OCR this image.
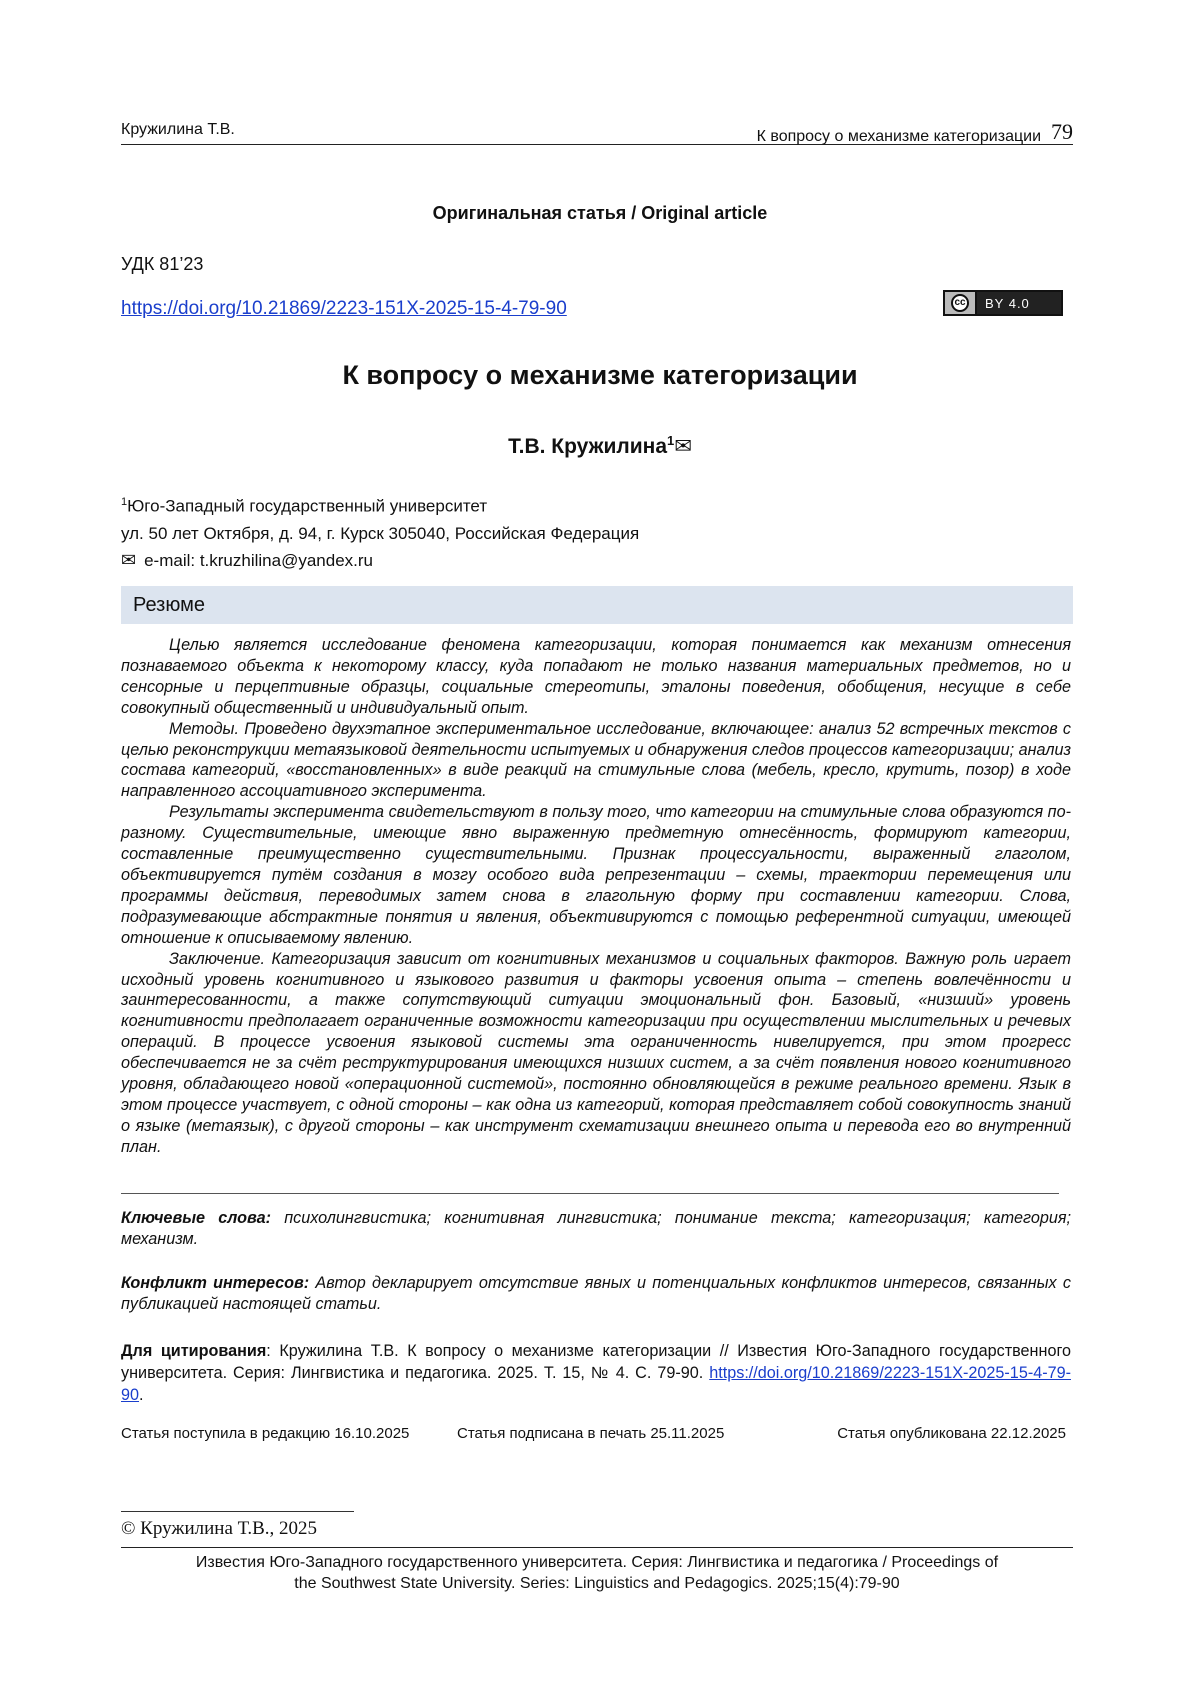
Кружилина Т.В.	К вопросу о механизме категоризации 79
Оригинальная статья / Original article
УДК 81’23
https://doi.org/10.21869/2223-151X-2025-15-4-79-90	cc	BY 4.0
К вопросу о механизме категоризации
Т.В. Кружилина$^1$✉
$^1$Юго-Западный государственный университет
ул. 50 лет Октября, д. 94, г. Курск 305040, Российская Федерация
✉ e-mail: t.kruzhilina@yandex.ru
Резюме

Целью является исследование феномена категоризации, которая понимается как механизм отнесения познаваемого объекта к некоторому классу, куда попадают не только названия материальных предметов, но и сенсорные и перцептивные образцы, социальные стереотипы, эталоны поведения, обобщения, несущие в себе совокупный общественный и индивидуальный опыт.

Методы. Проведено двухэтапное экспериментальное исследование, включающее: анализ 52 встречных текстов с целью реконструкции метаязыковой деятельности испытуемых и обнаружения следов процессов категоризации; анализ состава категорий, «восстановленных» в виде реакций на стимульные слова (мебель, кресло, крутить, позор) в ходе направленного ассоциативного эксперимента.

Результаты эксперимента свидетельствуют в пользу того, что категории на стимульные слова образуются по-разному. Существительные, имеющие явно выраженную предметную отнесённость, формируют категории, составленные преимущественно существительными. Признак процессуальности, выраженный глаголом, объективируется путём создания в мозгу особого вида репрезентации – схемы, траектории перемещения или программы действия, переводимых затем снова в глагольную форму при составлении категории. Слова, подразумевающие абстрактные понятия и явления, объективируются с помощью референтной ситуации, имеющей отношение к описываемому явлению.

Заключение. Категоризация зависит от когнитивных механизмов и социальных факторов. Важную роль играет исходный уровень когнитивного и языкового развития и факторы усвоения опыта – степень вовлечённости и заинтересованности, а также сопутствующий ситуации эмоциональный фон. Базовый, «низший» уровень когнитивности предполагает ограниченные возможности категоризации при осуществлении мыслительных и речевых операций. В процессе усвоения языковой системы эта ограниченность нивелируется, при этом прогресс обеспечивается не за счёт реструктурирования имеющихся низших систем, а за счёт появления нового когнитивного уровня, обладающего новой «операционной системой», постоянно обновляющейся в режиме реального времени. Язык в этом процессе участвует, с одной стороны – как одна из категорий, которая представляет собой совокупность знаний о языке (метаязык), с другой стороны – как инструмент схематизации внешнего опыта и перевода его во внутренний план.

Ключевые слова: психолингвистика; когнитивная лингвистика; понимание текста; категоризация; категория; механизм.
Конфликт интересов: Автор декларирует отсутствие явных и потенциальных конфликтов интересов, связанных с публикацией настоящей статьи.
Для цитирования: Кружилина Т.В. К вопросу о механизме категоризации // Известия Юго-Западного государственного университета. Серия: Лингвистика и педагогика. 2025. Т. 15, № 4. С. 79-90. https://doi.org/10.21869/2223-151X-2025-15-4-79-90.
Статья поступила в редакцию 16.10.2025	Статья подписана в печать 25.11.2025	Статья опубликована 22.12.2025
© Кружилина Т.В., 2025
Известия Юго-Западного государственного университета. Серия: Лингвистика и педагогика / Proceedings of
the Southwest State University. Series: Linguistics and Pedagogics. 2025;15(4):79-90
